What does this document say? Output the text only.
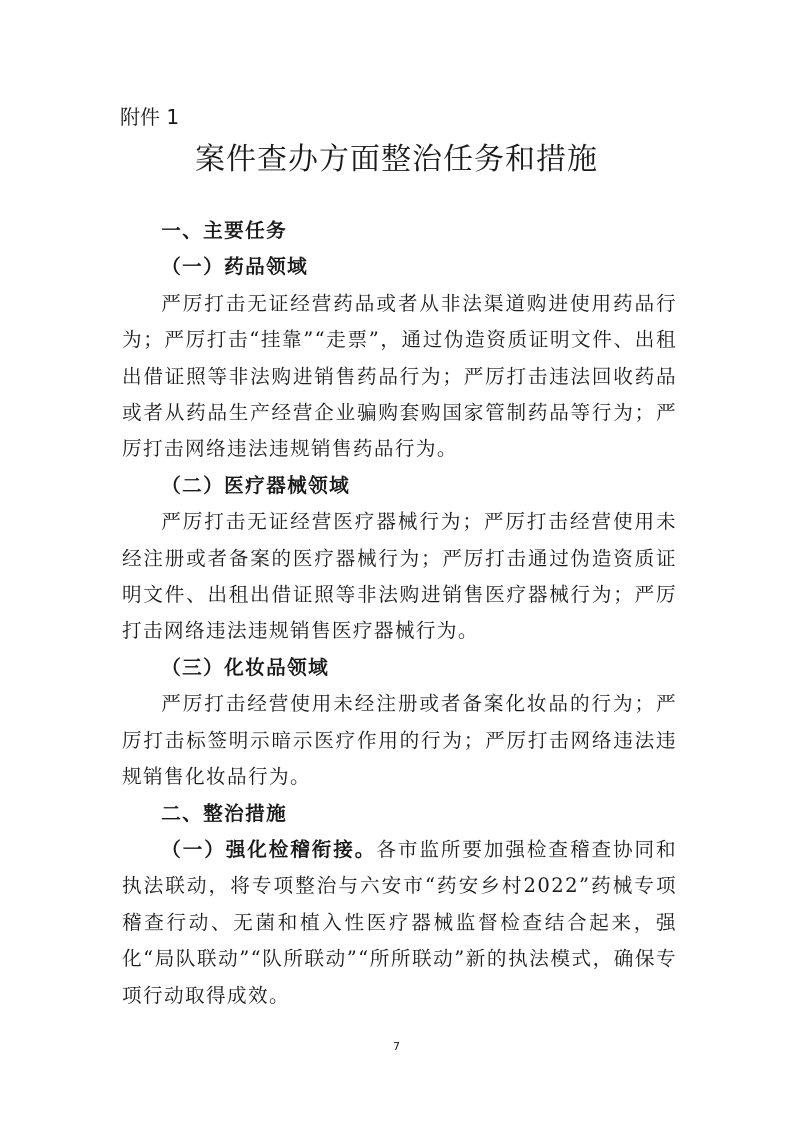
附件 1
案件查办方面整治任务和措施

一、主要任务

（一）药品领域

严厉打击无证经营药品或者从非法渠道购进使用药品行为；严厉打击“挂靠”“走票”，通过伪造资质证明文件、出租出借证照等非法购进销售药品行为；严厉打击违法回收药品或者从药品生产经营企业骗购套购国家管制药品等行为；严厉打击网络违法违规销售药品行为。

（二）医疗器械领域

严厉打击无证经营医疗器械行为；严厉打击经营使用未经注册或者备案的医疗器械行为；严厉打击通过伪造资质证明文件、出租出借证照等非法购进销售医疗器械行为；严厉打击网络违法违规销售医疗器械行为。

（三）化妆品领域

严厉打击经营使用未经注册或者备案化妆品的行为；严厉打击标签明示暗示医疗作用的行为；严厉打击网络违法违规销售化妆品行为。

二、整治措施

（一）强化检稽衔接。各市监所要加强检查稽查协同和执法联动，将专项整治与六安市“药安乡村2022”药械专项稽查行动、无菌和植入性医疗器械监督检查结合起来，强化“局队联动”“队所联动”“所所联动”新的执法模式，确保专项行动取得成效。

7
